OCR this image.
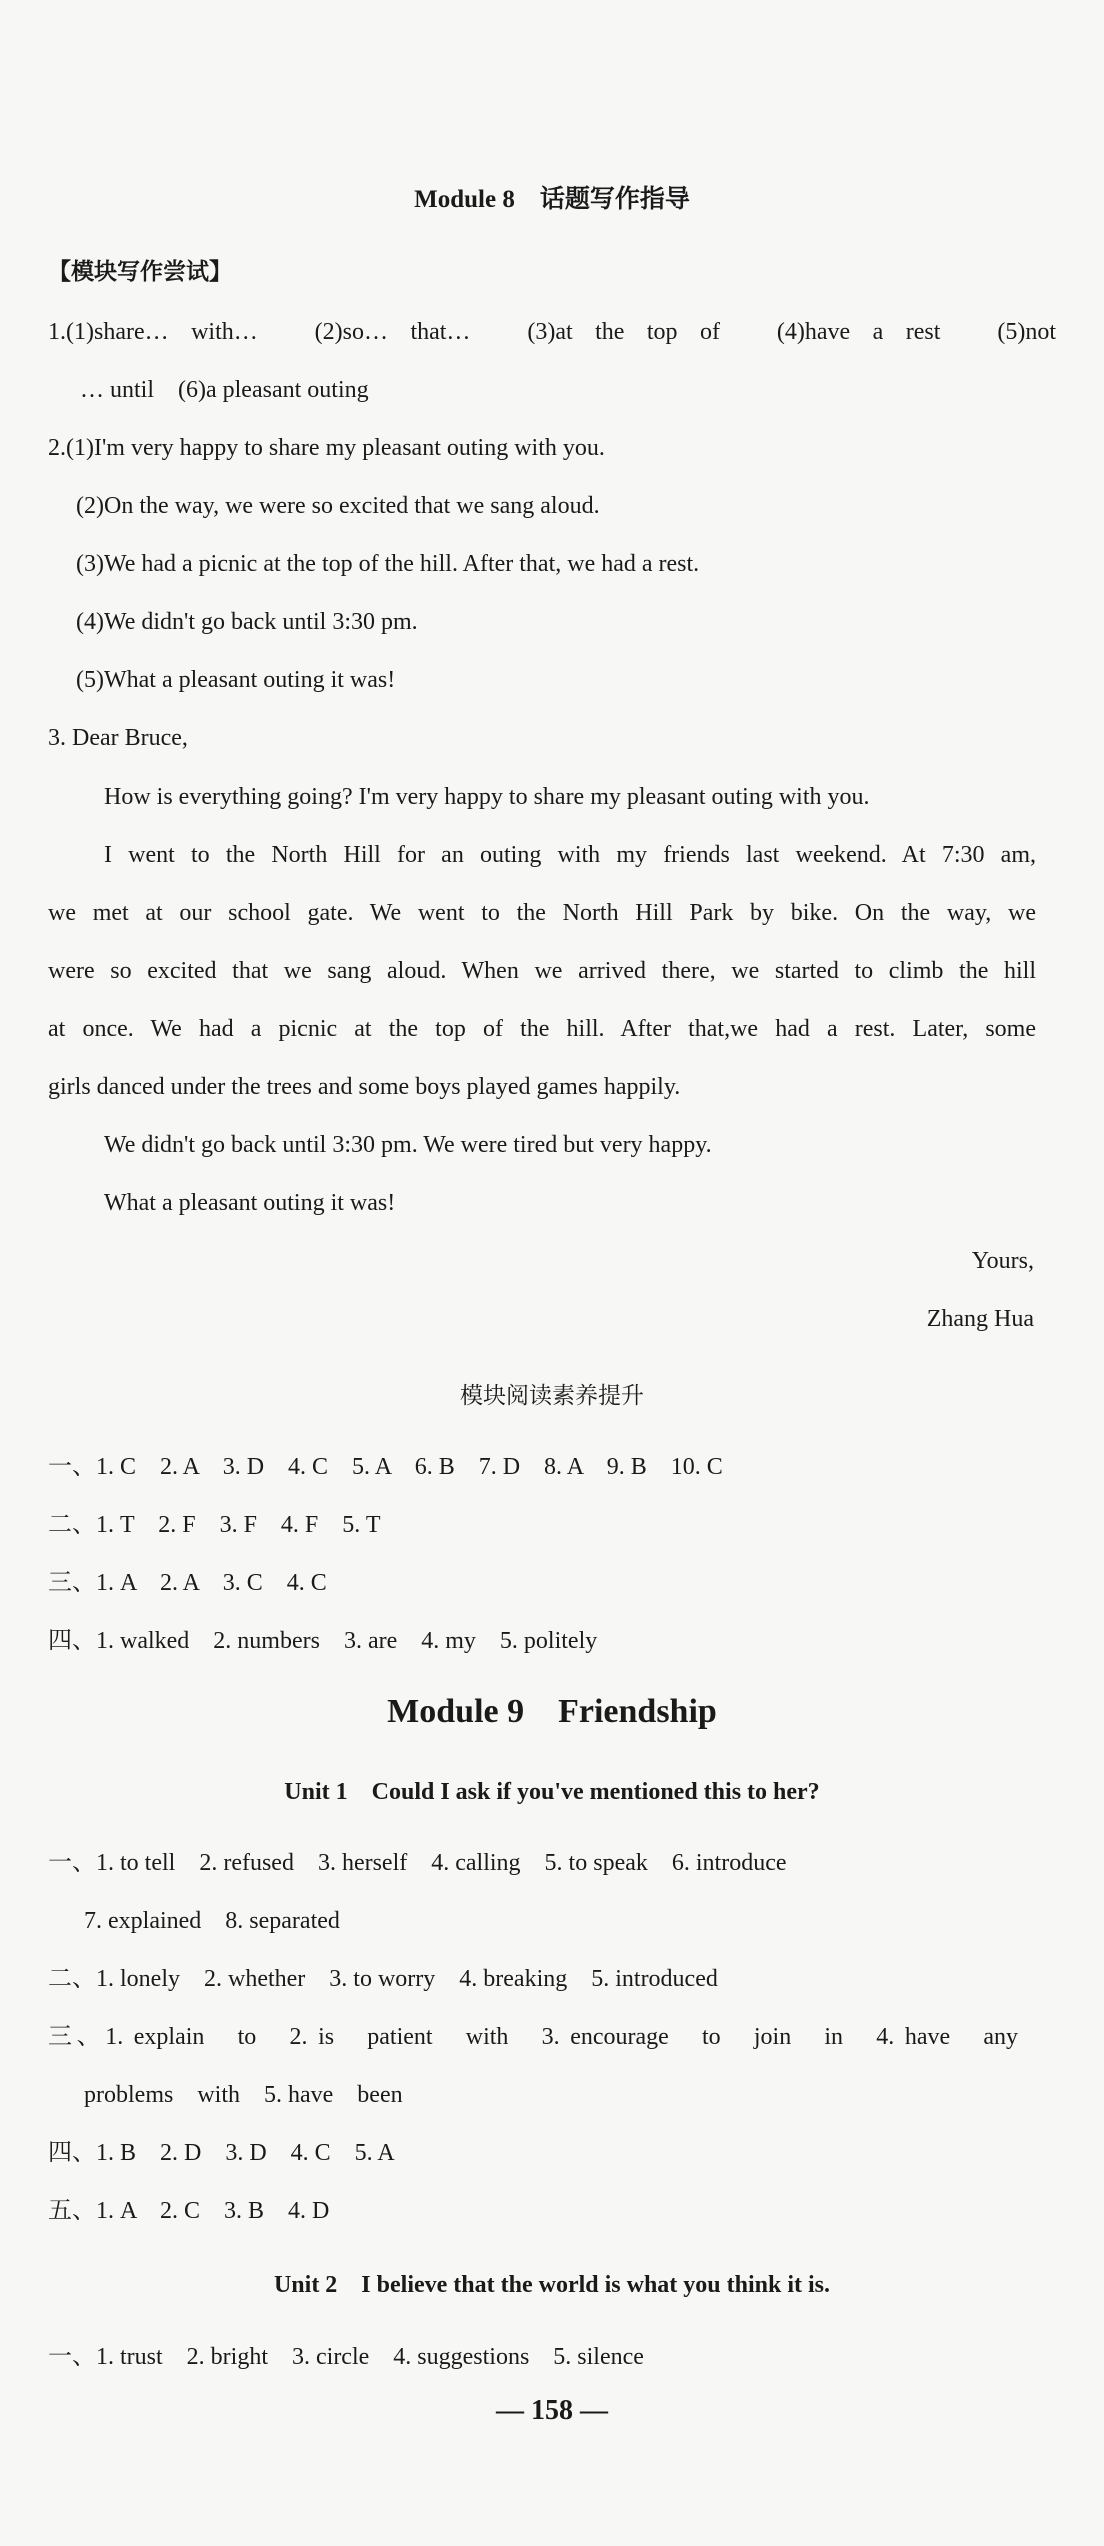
Module 8　话题写作指导
【模块写作尝试】
1.(1)share… with…　(2)so… that…　(3)at the top of　(4)have a rest　(5)not
… until　(6)a pleasant outing
2.(1)I'm very happy to share my pleasant outing with you.
(2)On the way, we were so excited that we sang aloud.
(3)We had a picnic at the top of the hill. After that, we had a rest.
(4)We didn't go back until 3:30 pm.
(5)What a pleasant outing it was!
3. Dear Bruce,
How is everything going? I'm very happy to share my pleasant outing with you.
I went to the North Hill for an outing with my friends last weekend. At 7:30 am,
we met at our school gate. We went to the North Hill Park by bike. On the way, we
were so excited that we sang aloud. When we arrived there, we started to climb the hill
at once. We had a picnic at the top of the hill. After that,we had a rest. Later, some
girls danced under the trees and some boys played games happily.
We didn't go back until 3:30 pm. We were tired but very happy.
What a pleasant outing it was!
Yours,
Zhang Hua
模块阅读素养提升
一、1. C　2. A　3. D　4. C　5. A　6. B　7. D　8. A　9. B　10. C
二、1. T　2. F　3. F　4. F　5. T
三、1. A　2. A　3. C　4. C
四、1. walked　2. numbers　3. are　4. my　5. politely
Module 9　Friendship
Unit 1　Could I ask if you've mentioned this to her?
一、1. to tell　2. refused　3. herself　4. calling　5. to speak　6. introduce
7. explained　8. separated
二、1. lonely　2. whether　3. to worry　4. breaking　5. introduced
三、1. explain　to　2. is　patient　with　3. encourage　to　join　in　4. have　any
problems　with　5. have　been
四、1. B　2. D　3. D　4. C　5. A
五、1. A　2. C　3. B　4. D
Unit 2　I believe that the world is what you think it is.
一、1. trust　2. bright　3. circle　4. suggestions　5. silence
— 158 —
